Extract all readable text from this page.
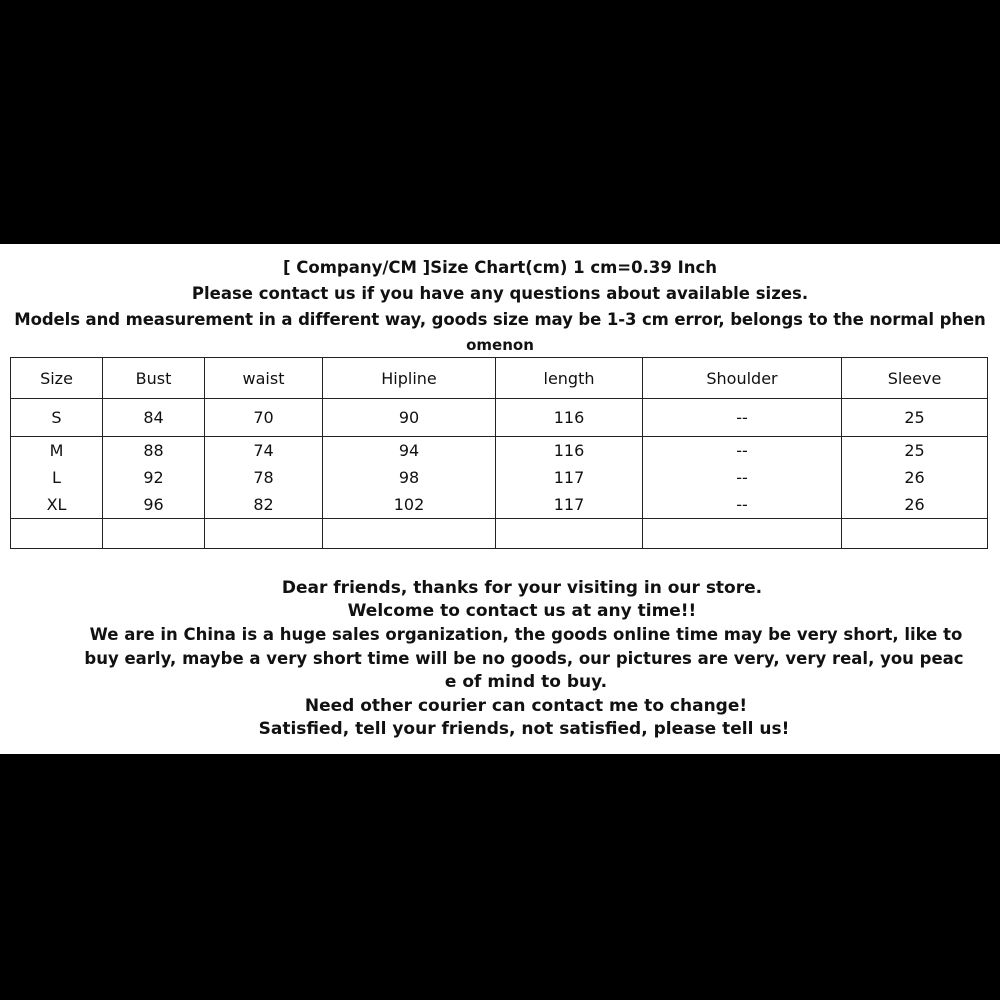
[ Company/CM ]Size Chart(cm) 1 cm=0.39 Inch
Please contact us if you have any questions about available sizes.
Models and measurement in a different way, goods size may be 1-3 cm error, belongs to the normal phen
omenon
Size	Bust	waist	Hipline	length	Shoulder	Sleeve
S	84	70	90	116	--	25
M	88	74	94	116	--	25
L	92	78	98	117	--	26
XL	96	82	102	117	--	26

Dear friends, thanks for your visiting in our store.
Welcome to contact us at any time!!
We are in China is a huge sales organization, the goods online time may be very short, like to
buy early, maybe a very short time will be no goods, our pictures are very, very real, you peac
e of mind to buy.
Need other courier can contact me to change!
Satisfied, tell your friends, not satisfied, please tell us!
